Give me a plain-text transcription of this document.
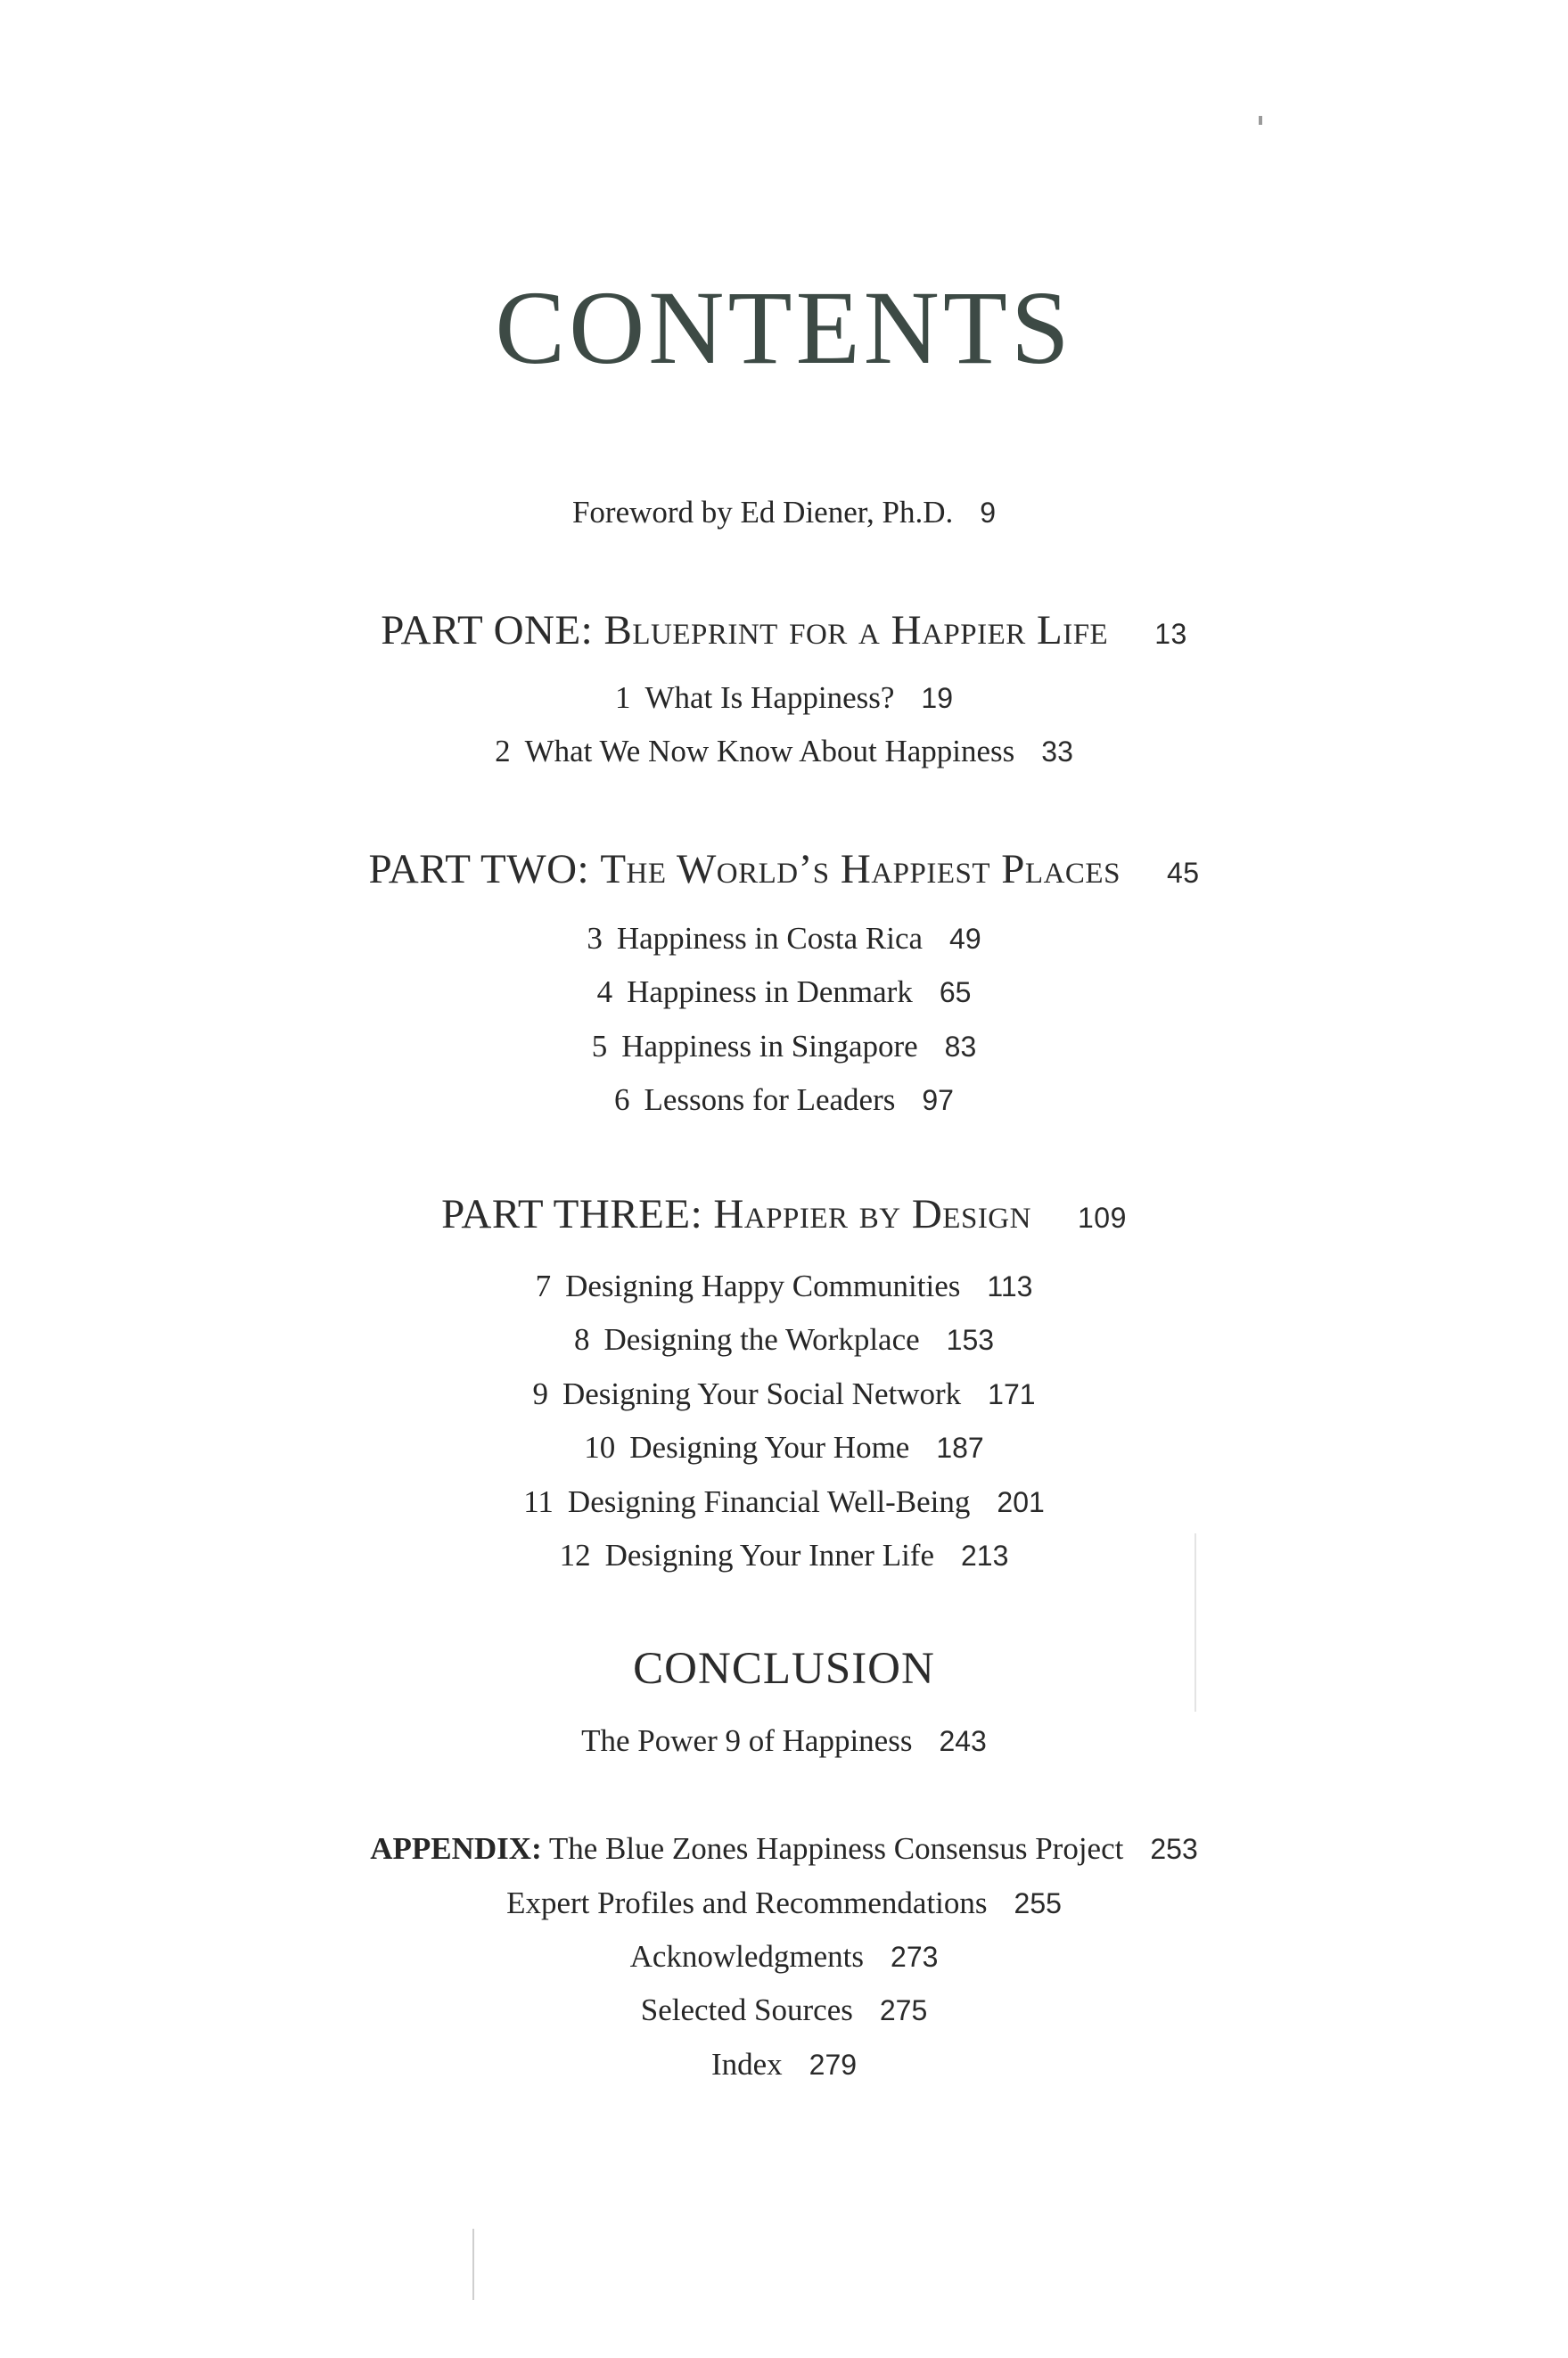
CONTENTS
Foreword by Ed Diener, Ph.D. 9
PART ONE: Blueprint for a Happier Life 13
1 What Is Happiness? 19
2 What We Now Know About Happiness 33
PART TWO: The World’s Happiest Places 45
3 Happiness in Costa Rica 49
4 Happiness in Denmark 65
5 Happiness in Singapore 83
6 Lessons for Leaders 97
PART THREE: Happier by Design 109
7 Designing Happy Communities 113
8 Designing the Workplace 153
9 Designing Your Social Network 171
10 Designing Your Home 187
11 Designing Financial Well-Being 201
12 Designing Your Inner Life 213
CONCLUSION
The Power 9 of Happiness 243
APPENDIX: The Blue Zones Happiness Consensus Project 253
Expert Profiles and Recommendations 255
Acknowledgments 273
Selected Sources 275
Index 279
